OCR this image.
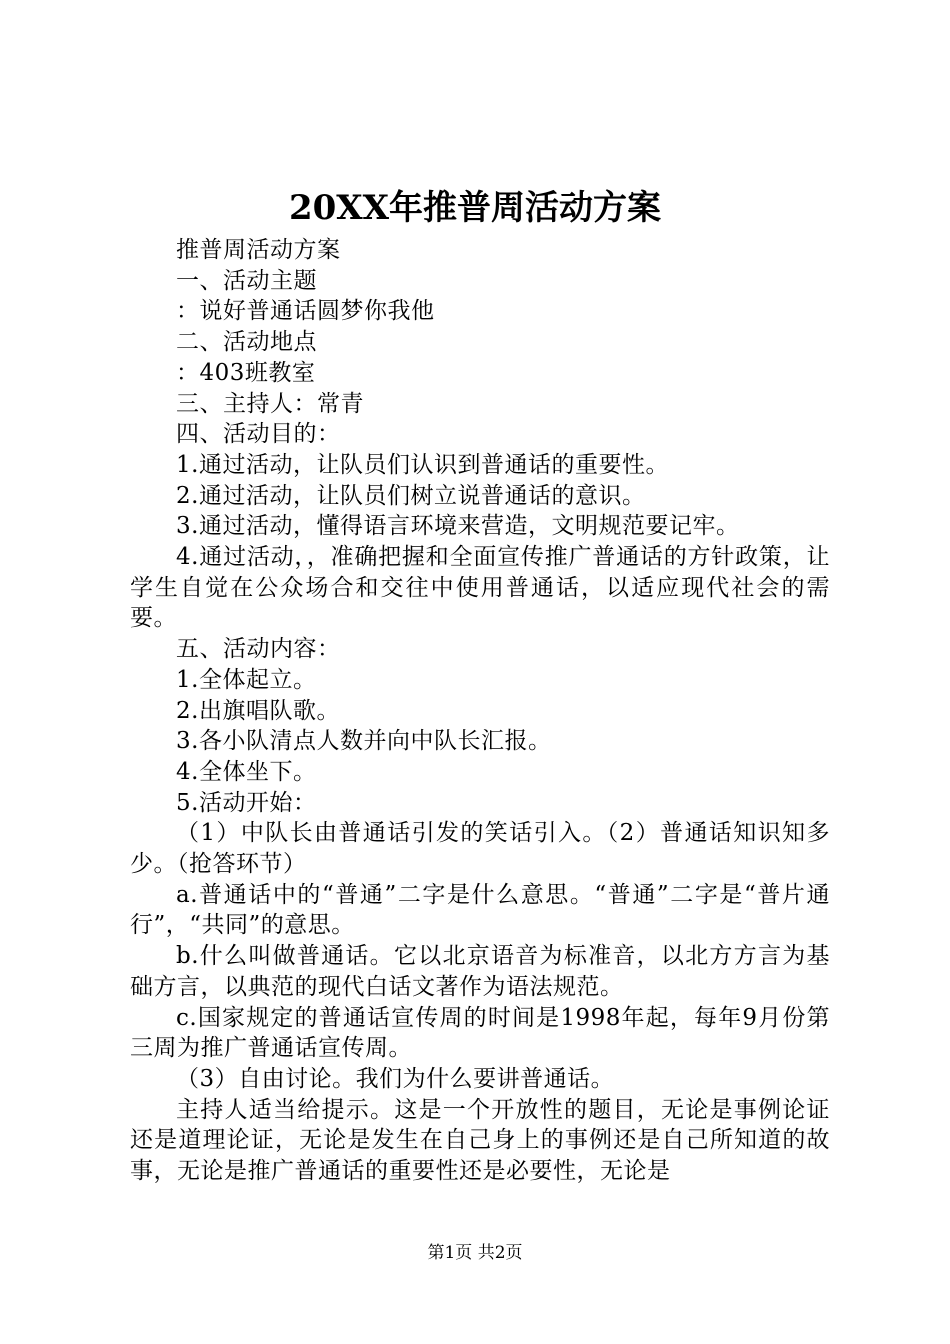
20XX年推普周活动方案

推普周活动方案

一、活动主题

：说好普通话圆梦你我他

二、活动地点

：403班教室

三、主持人：常青

四、活动目的：

1.通过活动，让队员们认识到普通话的重要性。

2.通过活动，让队员们树立说普通话的意识。

3.通过活动，懂得语言环境来营造，文明规范要记牢。

4.通过活动，，准确把握和全面宣传推广普通话的方针政策，让学生自觉在公众场合和交往中使用普通话，以适应现代社会的需要。

五、活动内容：

1.全体起立。

2.出旗唱队歌。

3.各小队清点人数并向中队长汇报。

4.全体坐下。

5.活动开始：

（1）中队长由普通话引发的笑话引入。（2）普通话知识知多少。（抢答环节）

a.普通话中的“普通”二字是什么意思。“普通”二字是“普片通行”，“共同”的意思。

b.什么叫做普通话。它以北京语音为标准音，以北方方言为基础方言，以典范的现代白话文著作为语法规范。

c.国家规定的普通话宣传周的时间是1998年起，每年9月份第三周为推广普通话宣传周。

（3）自由讨论。我们为什么要讲普通话。

主持人适当给提示。这是一个开放性的题目，无论是事例论证还是道理论证，无论是发生在自己身上的事例还是自己所知道的故事，无论是推广普通话的重要性还是必要性，无论是

第1页 共2页
